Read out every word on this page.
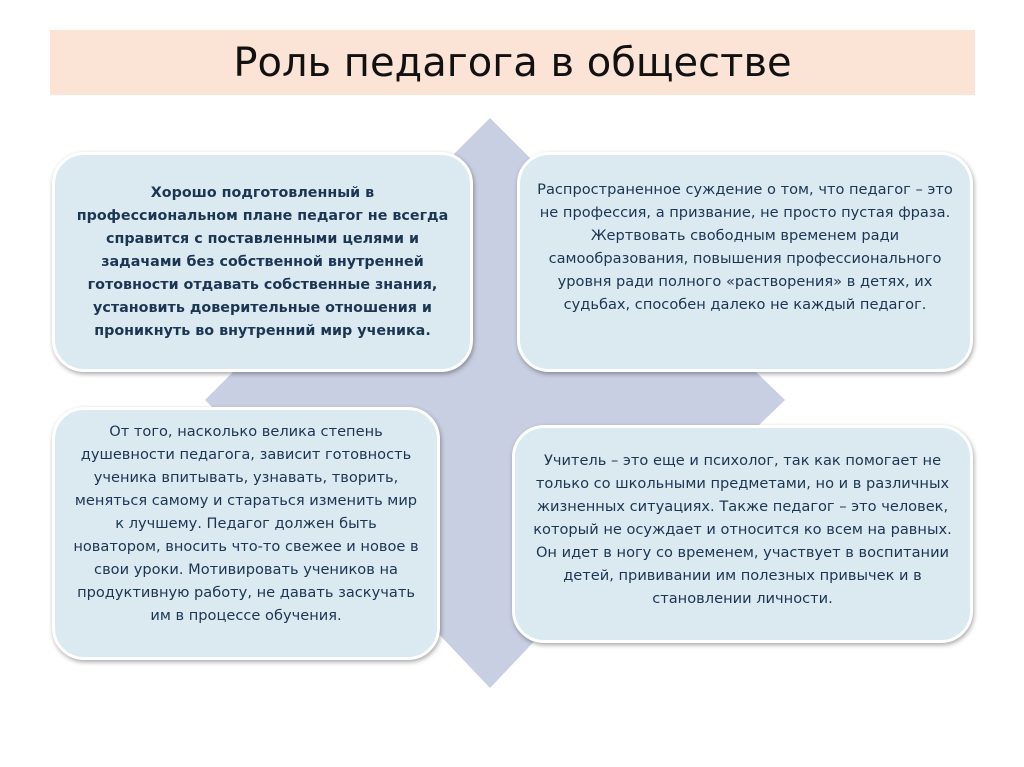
Роль педагога в обществе

Хорошо подготовленный в профессиональном плане педагог не всегда справится с поставленными целями и задачами без собственной внутренней готовности отдавать собственные знания, установить доверительные отношения и проникнуть во внутренний мир ученика.

Распространенное суждение о том, что педагог – это не профессия, а призвание, не просто пустая фраза. Жертвовать свободным временем ради самообразования, повышения профессионального уровня ради полного «растворения» в детях, их судьбах, способен далеко не каждый педагог.

От того, насколько велика степень душевности педагога, зависит готовность ученика впитывать, узнавать, творить, меняться самому и стараться изменить мир к лучшему. Педагог должен быть новатором, вносить что-то свежее и новое в свои уроки. Мотивировать учеников на продуктивную работу, не давать заскучать им в процессе обучения.

Учитель – это еще и психолог, так как помогает не только со школьными предметами, но и в различных жизненных ситуациях. Также педагог – это человек, который не осуждает и относится ко всем на равных. Он идет в ногу со временем, участвует в воспитании детей, прививании им полезных привычек и в становлении личности.
